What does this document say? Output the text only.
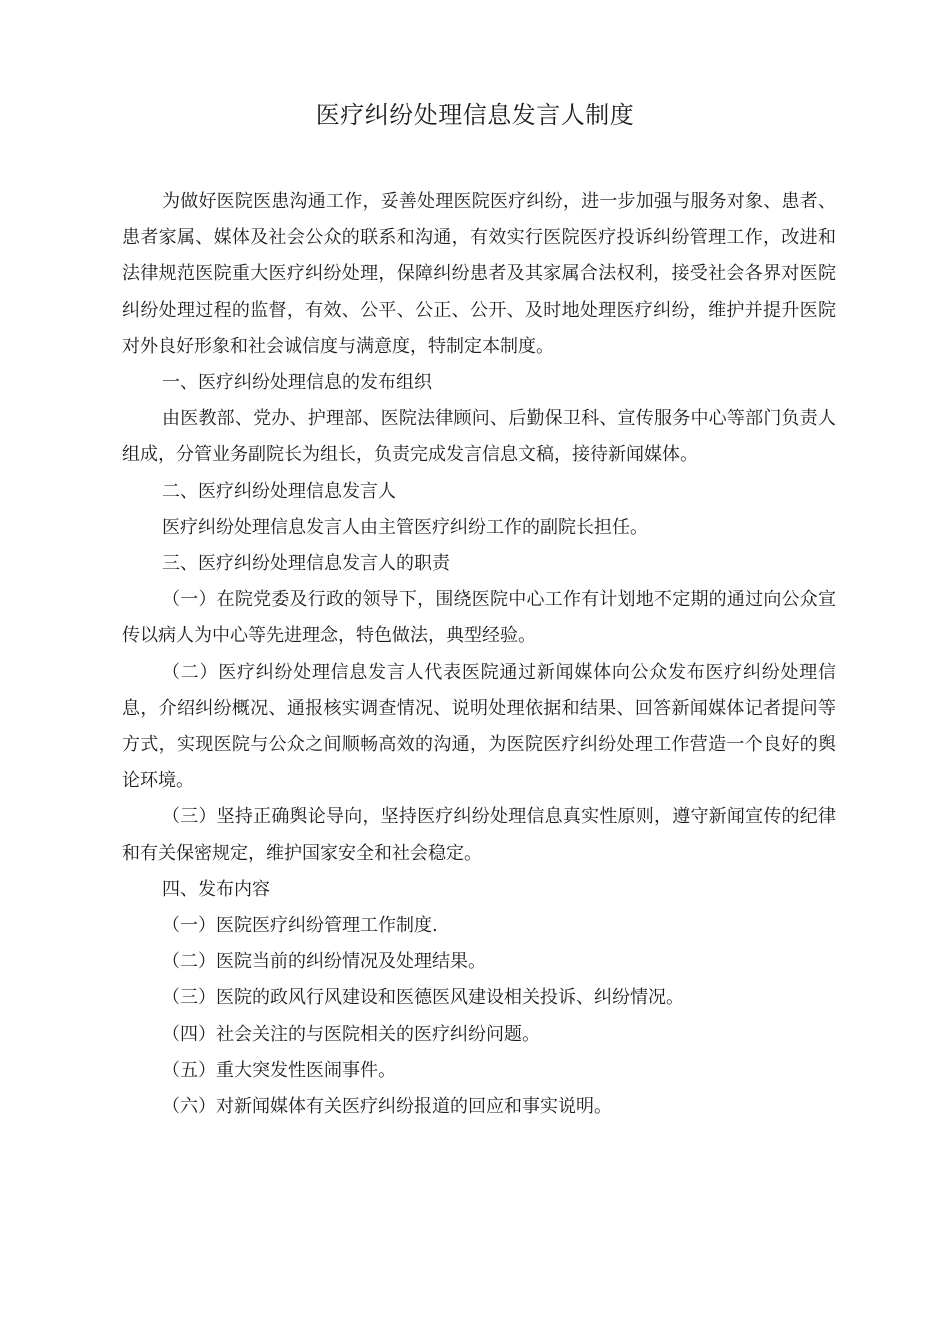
医疗纠纷处理信息发言人制度

为做好医院医患沟通工作，妥善处理医院医疗纠纷，进一步加强与服务对象、患者、患者家属、媒体及社会公众的联系和沟通，有效实行医院医疗投诉纠纷管理工作，改进和法律规范医院重大医疗纠纷处理，保障纠纷患者及其家属合法权利，接受社会各界对医院纠纷处理过程的监督，有效、公平、公正、公开、及时地处理医疗纠纷，维护并提升医院对外良好形象和社会诚信度与满意度，特制定本制度。

一、医疗纠纷处理信息的发布组织

由医教部、党办、护理部、医院法律顾问、后勤保卫科、宣传服务中心等部门负责人组成，分管业务副院长为组长，负责完成发言信息文稿，接待新闻媒体。

二、医疗纠纷处理信息发言人

医疗纠纷处理信息发言人由主管医疗纠纷工作的副院长担任。

三、医疗纠纷处理信息发言人的职责

（一）在院党委及行政的领导下，围绕医院中心工作有计划地不定期的通过向公众宣传以病人为中心等先进理念，特色做法，典型经验。

（二）医疗纠纷处理信息发言人代表医院通过新闻媒体向公众发布医疗纠纷处理信息，介绍纠纷概况、通报核实调查情况、说明处理依据和结果、回答新闻媒体记者提问等方式，实现医院与公众之间顺畅高效的沟通，为医院医疗纠纷处理工作营造一个良好的舆论环境。

（三）坚持正确舆论导向，坚持医疗纠纷处理信息真实性原则，遵守新闻宣传的纪律和有关保密规定，维护国家安全和社会稳定。

四、发布内容

（一）医院医疗纠纷管理工作制度.

（二）医院当前的纠纷情况及处理结果。

（三）医院的政风行风建设和医德医风建设相关投诉、纠纷情况。

（四）社会关注的与医院相关的医疗纠纷问题。

（五）重大突发性医闹事件。

（六）对新闻媒体有关医疗纠纷报道的回应和事实说明。
